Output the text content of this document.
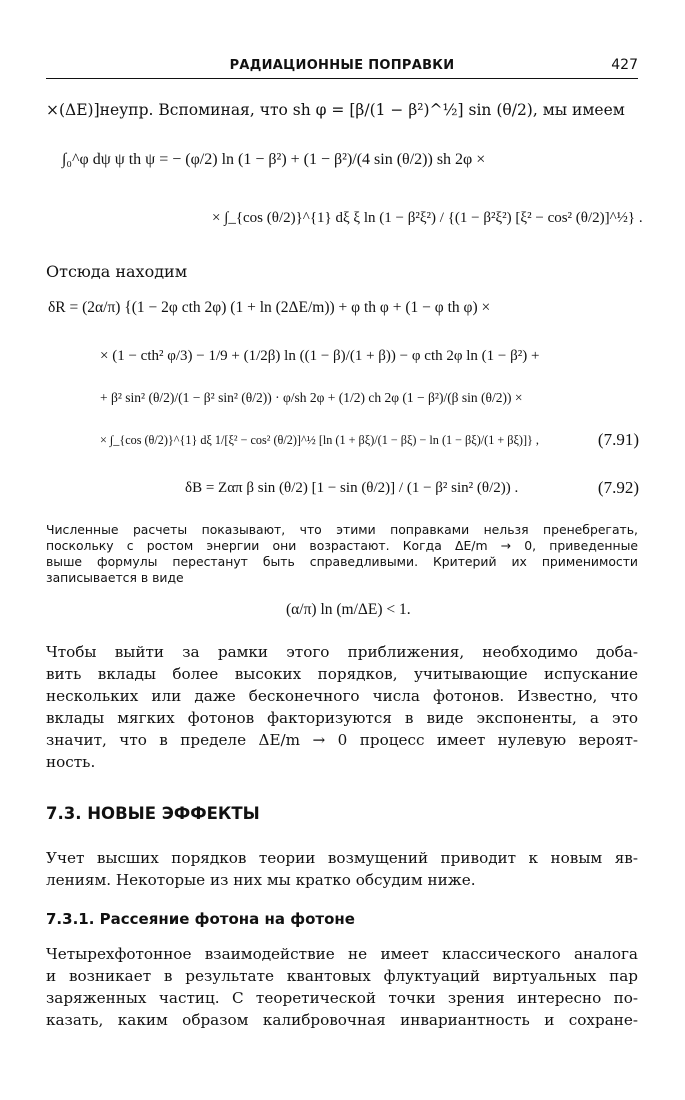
РАДИАЦИОННЫЕ ПОПРАВКИ	427
×(ΔE)]неупр. Вспоминая, что sh φ = [β/(1 − β²)^½] sin (θ/2), мы имеем
∫₀^φ dψ ψ th ψ = − (φ/2) ln (1 − β²) + (1 − β²)/(4 sin (θ/2)) sh 2φ ×
× ∫_{cos (θ/2)}^{1} dξ ξ ln (1 − β²ξ²) / {(1 − β²ξ²) [ξ² − cos² (θ/2)]^½} .
Отсюда находим
δR = (2α/π) {(1 − 2φ cth 2φ) (1 + ln (2ΔE/m)) + φ th φ + (1 − φ th φ) ×
× (1 − cth² φ/3) − 1/9 + (1/2β) ln ((1 − β)/(1 + β)) − φ cth 2φ ln (1 − β²) +
+ β² sin² (θ/2)/(1 − β² sin² (θ/2)) · φ/sh 2φ + (1/2) ch 2φ (1 − β²)/(β sin (θ/2)) ×
× ∫_{cos (θ/2)}^{1} dξ 1/[ξ² − cos² (θ/2)]^½ [ln (1 + βξ)/(1 − βξ) − ln (1 − βξ)/(1 + βξ)]} ,	(7.91)
δB = Zαπ β sin (θ/2) [1 − sin (θ/2)] / (1 − β² sin² (θ/2)) .	(7.92)
Численные расчеты показывают, что этими поправками нельзя пренебрегать,
поскольку с ростом энергии они возрастают. Когда ΔE/m → 0, приведенные
выше формулы перестанут быть справедливыми. Критерий их применимости
записывается в виде
(α/π) ln (m/ΔE) < 1.
Чтобы выйти за рамки этого приближения, необходимо доба-
вить вклады более высоких порядков, учитывающие испускание
нескольких или даже бесконечного числа фотонов. Известно, что
вклады мягких фотонов факторизуются в виде экспоненты, а это
значит, что в пределе ΔE/m → 0 процесс имеет нулевую вероят-
ность.
7.3. НОВЫЕ ЭФФЕКТЫ
Учет высших порядков теории возмущений приводит к новым яв-
лениям. Некоторые из них мы кратко обсудим ниже.
7.3.1. Рассеяние фотона на фотоне
Четырехфотонное взаимодействие не имеет классического аналога
и возникает в результате квантовых флуктуаций виртуальных пар
заряженных частиц. С теоретической точки зрения интересно по-
казать, каким образом калибровочная инвариантность и сохране-
